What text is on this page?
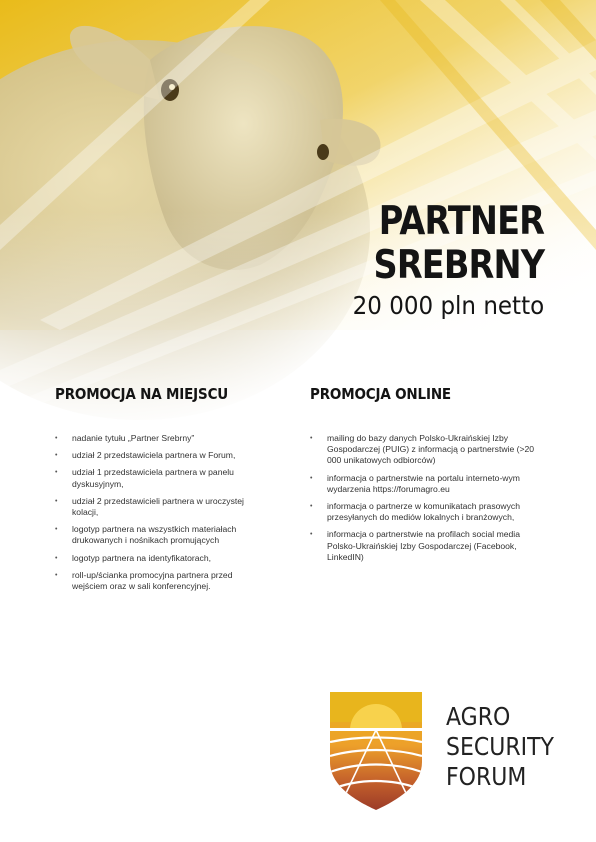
PARTNER
SREBRNY
20 000 pln netto
PROMOCJA NA MIEJSCU
• nadanie tytułu „Partner Srebrny”
• udział 2 przedstawiciela partnera w Forum,
• udział 1 przedstawiciela partnera w panelu dyskusyjnym,
• udział 2 przedstawicieli partnera w uroczystej kolacji,
• logotyp partnera na wszystkich materiałach drukowanych i nośnikach promujących
• logotyp partnera na identyfikatorach,
• roll-up/ścianka promocyjna partnera przed wejściem oraz w sali konferencyjnej.
PROMOCJA ONLINE
• mailing do bazy danych Polsko-Ukraińskiej Izby Gospodarczej (PUIG) z informacją o partnerstwie (>20 000 unikatowych odbiorców)
• informacja o partnerstwie na portalu interneto-wym wydarzenia https://forumagro.eu
• informacja o partnerze w komunikatach prasowych przesyłanych do mediów lokalnych i branżowych,
• informacja o partnerstwie na profilach social media Polsko-Ukraińskiej Izby Gospodarczej (Facebook, LinkedIN)
AGRO
SECURITY
FORUM
